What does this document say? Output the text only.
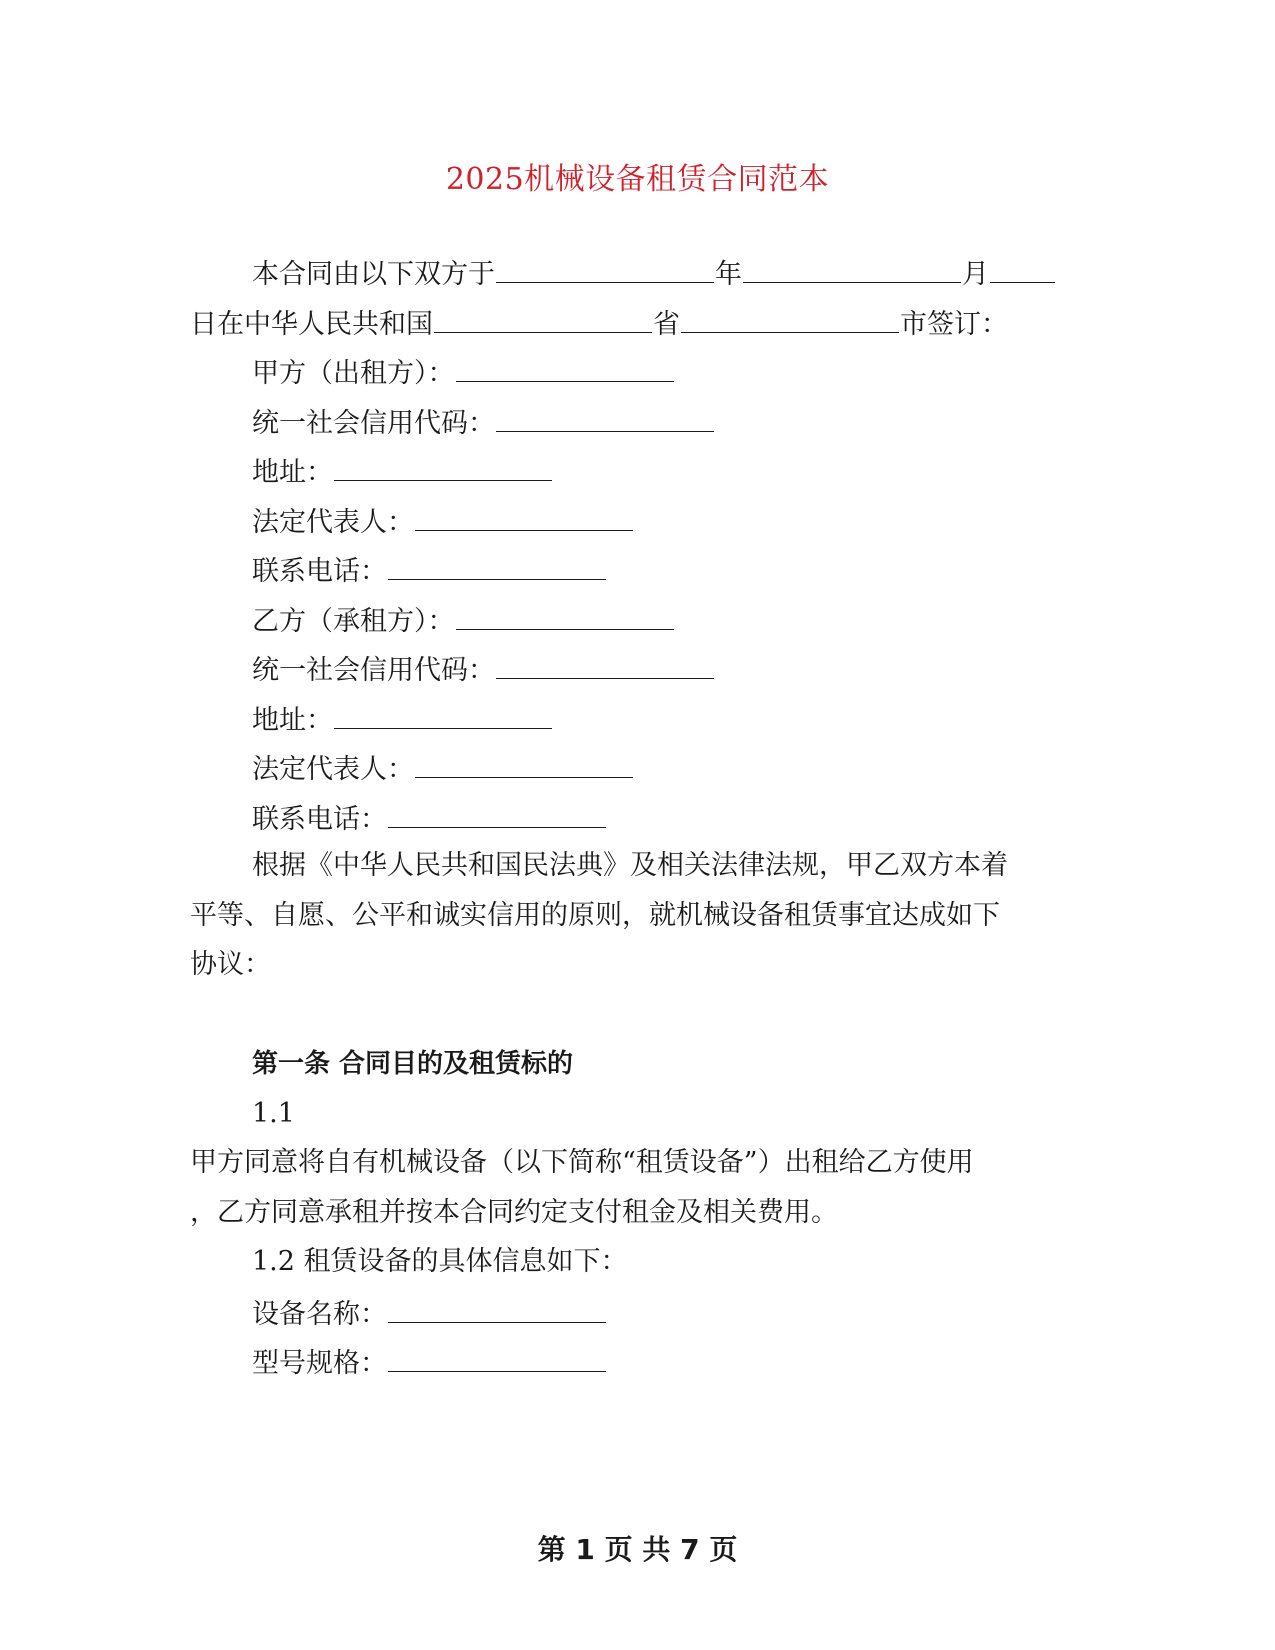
2025机械设备租赁合同范本
本合同由以下双方于	年	月
日在中华人民共和国	省	市签订：
甲方（出租方）：
统一社会信用代码：
地址：
法定代表人：
联系电话：
乙方（承租方）：
统一社会信用代码：
地址：
法定代表人：
联系电话：
根据《中华人民共和国民法典》及相关法律法规，甲乙双方本着
平等、自愿、公平和诚实信用的原则，就机械设备租赁事宜达成如下
协议：
第一条 合同目的及租赁标的
1.1
甲方同意将自有机械设备（以下简称“租赁设备”）出租给乙方使用
，乙方同意承租并按本合同约定支付租金及相关费用。
1.2 租赁设备的具体信息如下：
设备名称：
型号规格：
第 1 页 共 7 页
